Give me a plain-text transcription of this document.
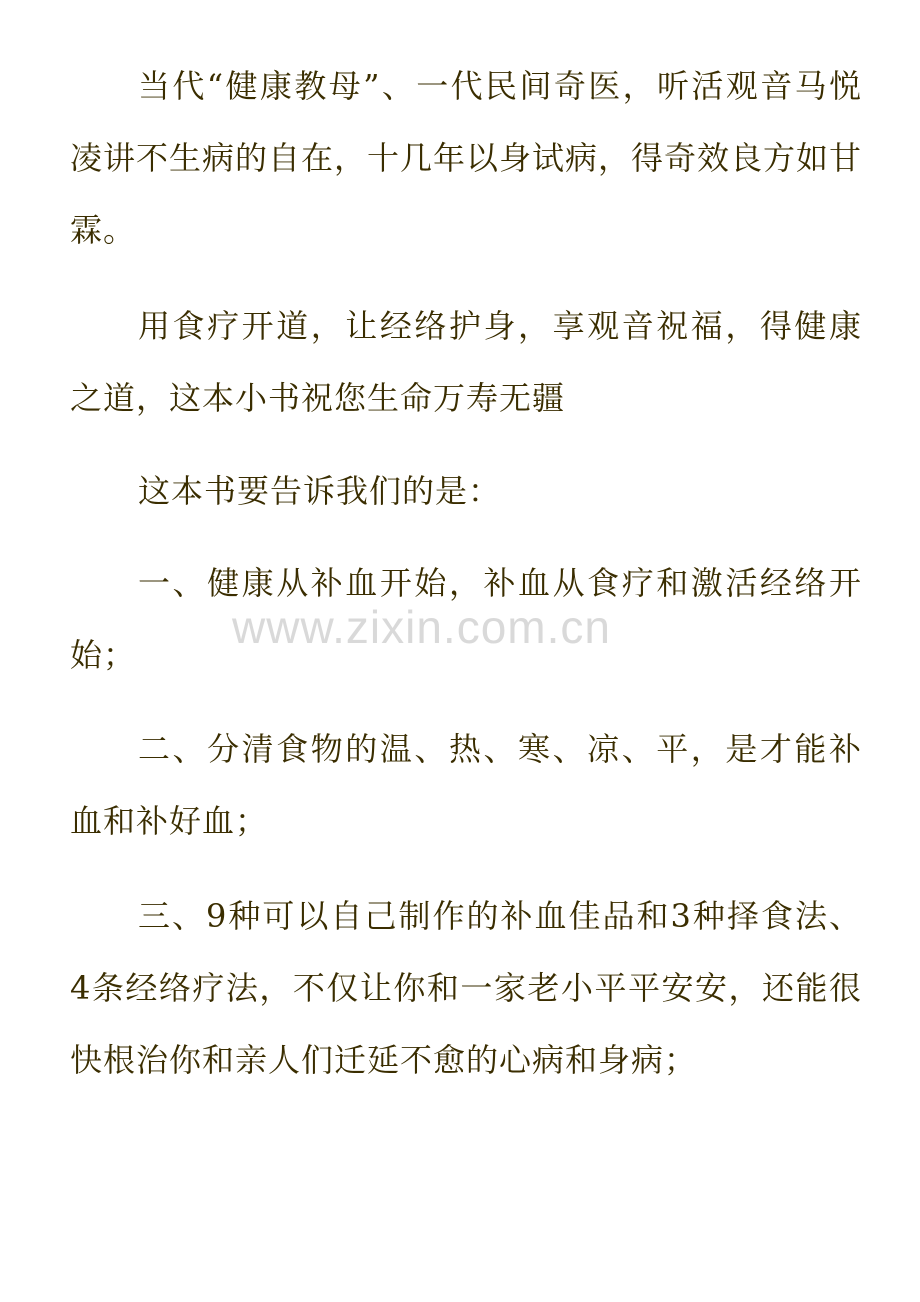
当代“健康教母”、一代民间奇医，听活观音马悦凌讲不生病的自在，十几年以身试病，得奇效良方如甘霖。

用食疗开道，让经络护身，享观音祝福，得健康之道，这本小书祝您生命万寿无疆

这本书要告诉我们的是：

一、健康从补血开始，补血从食疗和激活经络开始；

二、分清食物的温、热、寒、凉、平，是才能补血和补好血；

三、9种可以自己制作的补血佳品和3种择食法、4条经络疗法，不仅让你和一家老小平平安安，还能很快根治你和亲人们迁延不愈的心病和身病；

www.zixin.com.cn
